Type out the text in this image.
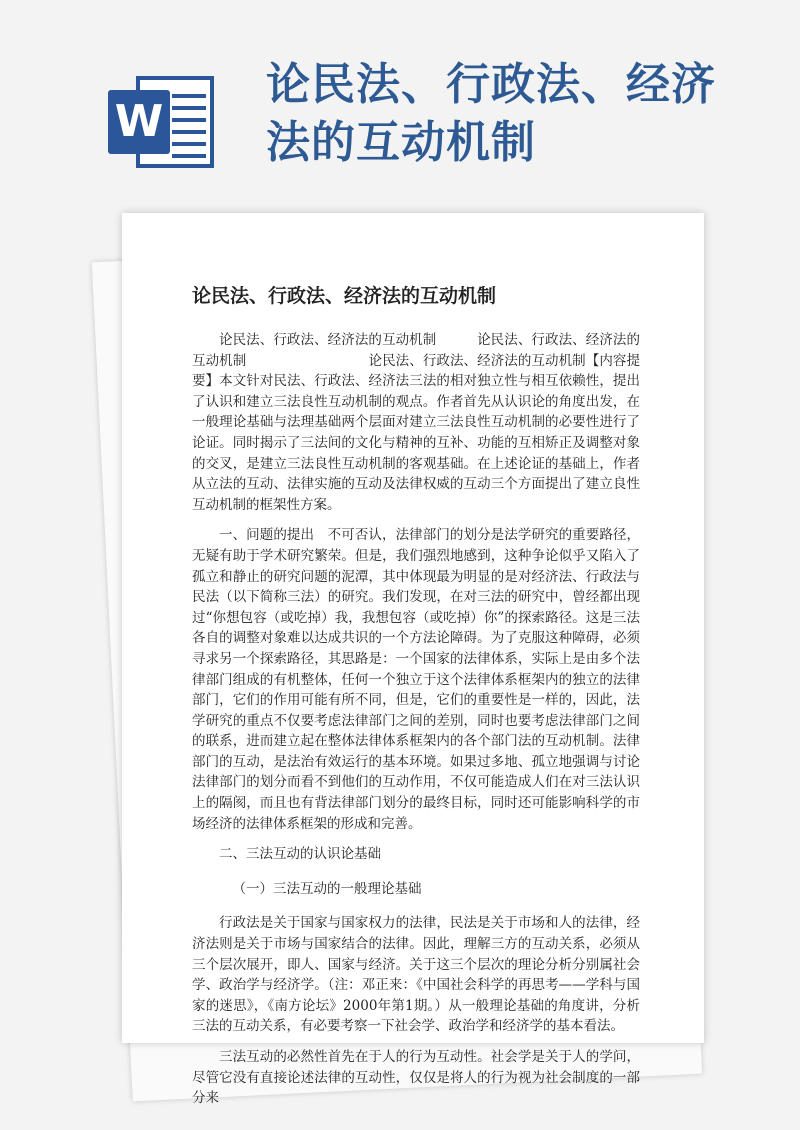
W
论民法、行政法、经济法的互动机制
论民法、行政法、经济法的互动机制

论民法、行政法、经济法的互动机制　　　论民法、行政法、经济法的互动机制　　　　　　　　　论民法、行政法、经济法的互动机制【内容提要】本文针对民法、行政法、经济法三法的相对独立性与相互依赖性，提出了认识和建立三法良性互动机制的观点。作者首先从认识论的角度出发，在一般理论基础与法理基础两个层面对建立三法良性互动机制的必要性进行了论证。同时揭示了三法间的文化与精神的互补、功能的互相矫正及调整对象的交叉，是建立三法良性互动机制的客观基础。在上述论证的基础上，作者从立法的互动、法律实施的互动及法律权威的互动三个方面提出了建立良性互动机制的框架性方案。

一、问题的提出　不可否认，法律部门的划分是法学研究的重要路径，无疑有助于学术研究繁荣。但是，我们强烈地感到，这种争论似乎又陷入了孤立和静止的研究问题的泥潭，其中体现最为明显的是对经济法、行政法与民法（以下简称三法）的研究。我们发现，在对三法的研究中，曾经都出现过“你想包容（或吃掉）我，我想包容（或吃掉）你”的探索路径。这是三法各自的调整对象难以达成共识的一个方法论障碍。为了克服这种障碍，必须寻求另一个探索路径，其思路是：一个国家的法律体系，实际上是由多个法律部门组成的有机整体，任何一个独立于这个法律体系框架内的独立的法律部门，它们的作用可能有所不同，但是，它们的重要性是一样的，因此，法学研究的重点不仅要考虑法律部门之间的差别，同时也要考虑法律部门之间的联系，进而建立起在整体法律体系框架内的各个部门法的互动机制。法律部门的互动，是法治有效运行的基本环境。如果过多地、孤立地强调与讨论法律部门的划分而看不到他们的互动作用，不仅可能造成人们在对三法认识上的隔阂，而且也有背法律部门划分的最终目标，同时还可能影响科学的市场经济的法律体系框架的形成和完善。

二、三法互动的认识论基础

（一）三法互动的一般理论基础

行政法是关于国家与国家权力的法律，民法是关于市场和人的法律，经济法则是关于市场与国家结合的法律。因此，理解三方的互动关系，必须从三个层次展开，即人、国家与经济。关于这三个层次的理论分析分别属社会学、政治学与经济学。（注：邓正来：《中国社会科学的再思考——学科与国家的迷思》，《南方论坛》2000年第1期。）从一般理论基础的角度讲，分析三法的互动关系，有必要考察一下社会学、政治学和经济学的基本看法。

三法互动的必然性首先在于人的行为互动性。社会学是关于人的学问，尽管它没有直接论述法律的互动性，仅仅是将人的行为视为社会制度的一部分来
